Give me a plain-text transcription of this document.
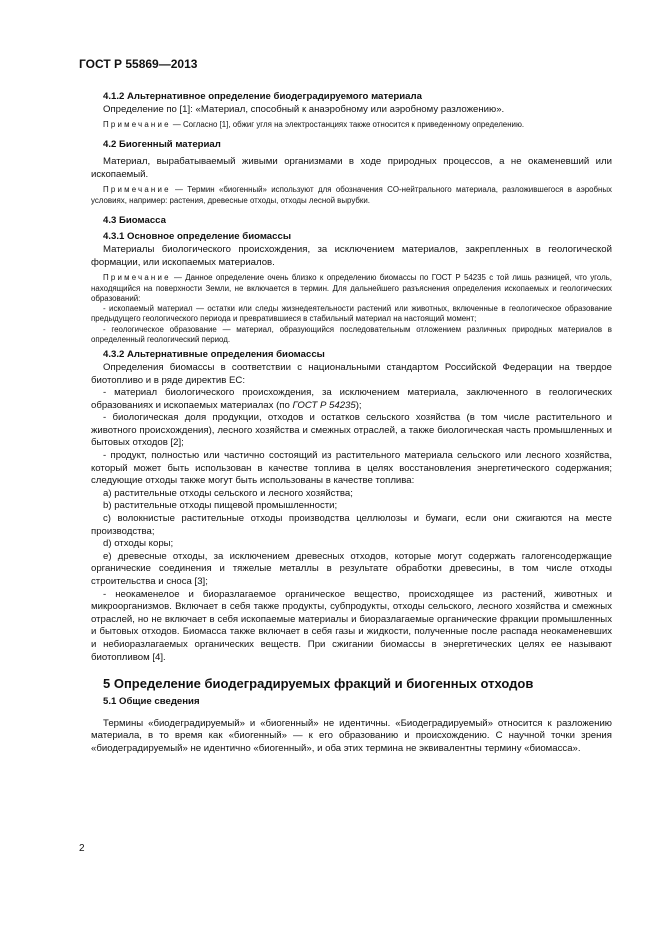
ГОСТ Р 55869—2013

4.1.2 Альтернативное определение биодеградируемого материала

Определение по [1]: «Материал, способный к анаэробному или аэробному разложению».

Примечание — Согласно [1], обжиг угля на электростанциях также относится к приведенному определению.

4.2 Биогенный материал

Материал, вырабатываемый живыми организмами в ходе природных процессов, а не окаменевший или ископаемый.

Примечание — Термин «биогенный» используют для обозначения CO-нейтрального материала, разложившегося в аэробных условиях, например: растения, древесные отходы, отходы лесной вырубки.

4.3 Биомасса

4.3.1 Основное определение биомассы

Материалы биологического происхождения, за исключением материалов, закрепленных в геологической формации, или ископаемых материалов.

Примечание — Данное определение очень близко к определению биомассы по ГОСТ Р 54235 с той лишь разницей, что уголь, находящийся на поверхности Земли, не включается в термин. Для дальнейшего разъяснения определения ископаемых и геологических образований:

- ископаемый материал — остатки или следы жизнедеятельности растений или животных, включенные в геологическое образование предыдущего геологического периода и превратившиеся в стабильный материал на настоящий момент;

- геологическое образование — материал, образующийся последовательным отложением различных природных материалов в определенный геологический период.

4.3.2 Альтернативные определения биомассы

Определения биомассы в соответствии с национальными стандартом Российской Федерации на твердое биотопливо и в ряде директив ЕС:

- материал биологического происхождения, за исключением материала, заключенного в геологических образованиях и ископаемых материалах (по ГОСТ Р 54235);

- биологическая доля продукции, отходов и остатков сельского хозяйства (в том числе растительного и животного происхождения), лесного хозяйства и смежных отраслей, а также биологическая часть промышленных и бытовых отходов [2];

- продукт, полностью или частично состоящий из растительного материала сельского или лесного хозяйства, который может быть использован в качестве топлива в целях восстановления энергетического содержания; следующие отходы также могут быть использованы в качестве топлива:

a) растительные отходы сельского и лесного хозяйства;

b) растительные отходы пищевой промышленности;

c) волокнистые растительные отходы производства целлюлозы и бумаги, если они сжигаются на месте производства;

d) отходы коры;

e) древесные отходы, за исключением древесных отходов, которые могут содержать галогенсодержащие органические соединения и тяжелые металлы в результате обработки древесины, в том числе отходы строительства и сноса [3];

- неокаменелое и биоразлагаемое органическое вещество, происходящее из растений, животных и микроорганизмов. Включает в себя также продукты, субпродукты, отходы сельского, лесного хозяйства и смежных отраслей, но не включает в себя ископаемые материалы и биоразлагаемые органические фракции промышленных и бытовых отходов. Биомасса также включает в себя газы и жидкости, полученные после распада неокаменевших и небиоразлагаемых органических веществ. При сжигании биомассы в энергетических целях ее называют биотопливом [4].

5 Определение биодеградируемых фракций и биогенных отходов

5.1 Общие сведения

Термины «биодеградируемый» и «биогенный» не идентичны. «Биодеградируемый» относится к разложению материала, в то время как «биогенный» — к его образованию и происхождению. С научной точки зрения «биодеградируемый» не идентично «биогенный», и оба этих термина не эквивалентны термину «биомасса».

2
